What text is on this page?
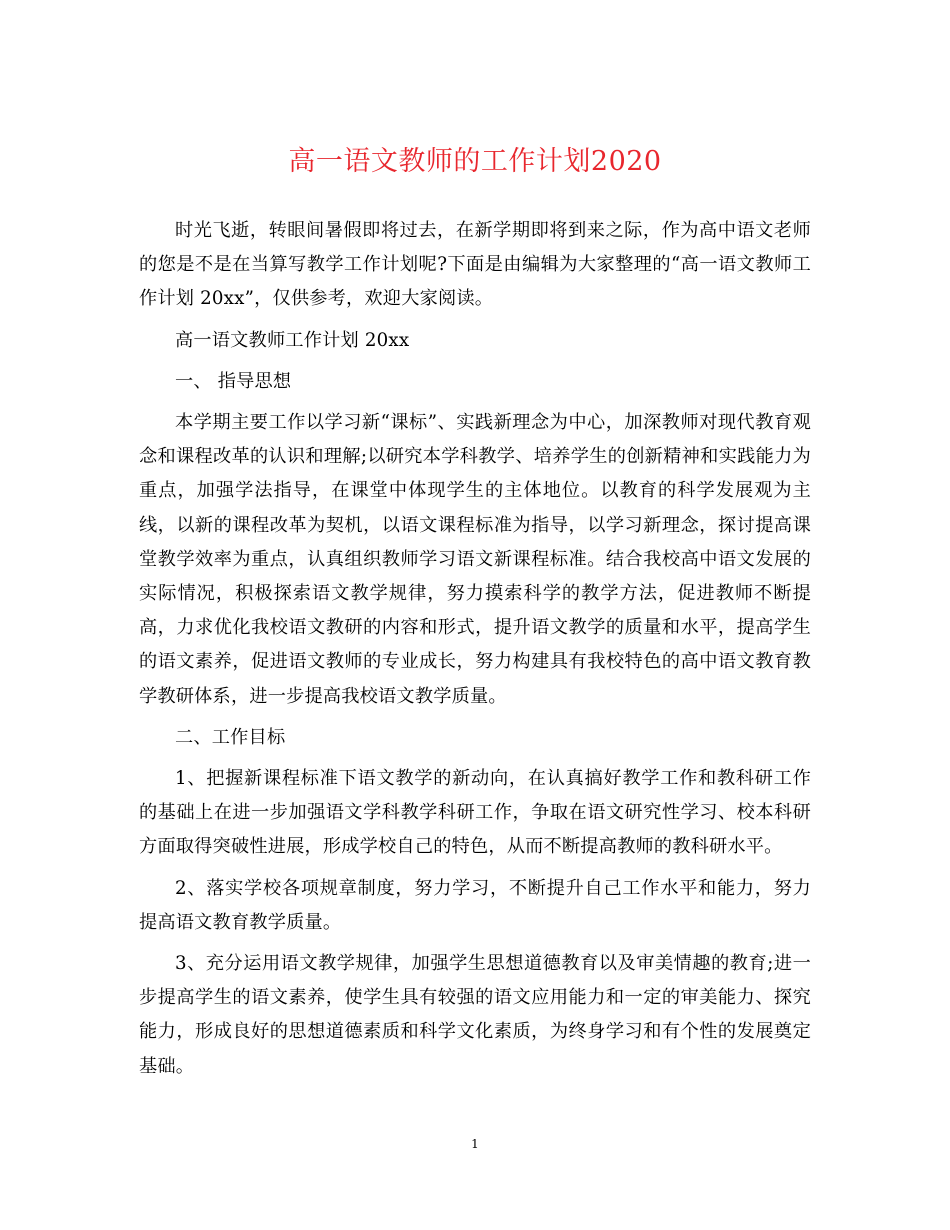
高一语文教师的工作计划2020

时光飞逝，转眼间暑假即将过去，在新学期即将到来之际，作为高中语文老师的您是不是在当算写教学工作计划呢?下面是由编辑为大家整理的“高一语文教师工作计划 20xx”，仅供参考，欢迎大家阅读。

高一语文教师工作计划 20xx

一、 指导思想

本学期主要工作以学习新“课标”、实践新理念为中心，加深教师对现代教育观念和课程改革的认识和理解;以研究本学科教学、培养学生的创新精神和实践能力为重点，加强学法指导，在课堂中体现学生的主体地位。以教育的科学发展观为主线，以新的课程改革为契机，以语文课程标准为指导，以学习新理念，探讨提高课堂教学效率为重点，认真组织教师学习语文新课程标准。结合我校高中语文发展的实际情况，积极探索语文教学规律，努力摸索科学的教学方法，促进教师不断提高，力求优化我校语文教研的内容和形式，提升语文教学的质量和水平，提高学生的语文素养，促进语文教师的专业成长，努力构建具有我校特色的高中语文教育教学教研体系，进一步提高我校语文教学质量。

二、工作目标

1、把握新课程标准下语文教学的新动向，在认真搞好教学工作和教科研工作的基础上在进一步加强语文学科教学科研工作，争取在语文研究性学习、校本科研方面取得突破性进展，形成学校自己的特色，从而不断提高教师的教科研水平。

2、落实学校各项规章制度，努力学习，不断提升自己工作水平和能力，努力提高语文教育教学质量。

3、充分运用语文教学规律，加强学生思想道德教育以及审美情趣的教育;进一步提高学生的语文素养，使学生具有较强的语文应用能力和一定的审美能力、探究能力，形成良好的思想道德素质和科学文化素质，为终身学习和有个性的发展奠定基础。

1
